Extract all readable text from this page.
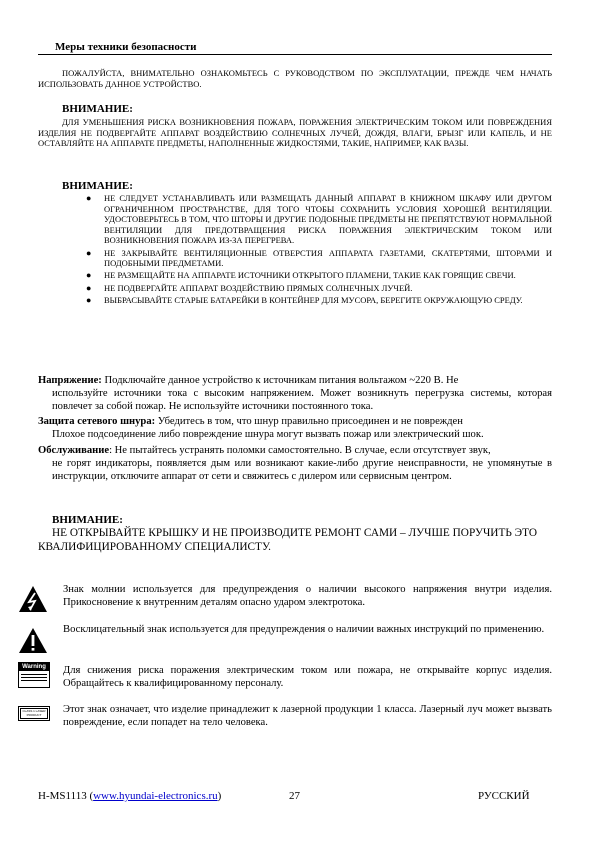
Меры техники безопасности
ПОЖАЛУЙСТА, ВНИМАТЕЛЬНО ОЗНАКОМЬТЕСЬ С РУКОВОДСТВОМ ПО ЭКСПЛУАТАЦИИ, ПРЕЖДЕ ЧЕМ НАЧАТЬ ИСПОЛЬЗОВАТЬ ДАННОЕ УСТРОЙСТВО.
ВНИМАНИЕ:
ДЛЯ УМЕНЬШЕНИЯ РИСКА ВОЗНИКНОВЕНИЯ ПОЖАРА, ПОРАЖЕНИЯ ЭЛЕКТРИЧЕСКИМ ТОКОМ ИЛИ ПОВРЕЖДЕНИЯ ИЗДЕЛИЯ НЕ ПОДВЕРГАЙТЕ АППАРАТ ВОЗДЕЙСТВИЮ СОЛНЕЧНЫХ ЛУЧЕЙ, ДОЖДЯ, ВЛАГИ, БРЫЗГ ИЛИ КАПЕЛЬ, И НЕ ОСТАВЛЯЙТЕ НА АППАРАТЕ ПРЕДМЕТЫ, НАПОЛНЕННЫЕ ЖИДКОСТЯМИ, ТАКИЕ, НАПРИМЕР, КАК ВАЗЫ.
ВНИМАНИЕ:
● НЕ СЛЕДУЕТ УСТАНАВЛИВАТЬ ИЛИ РАЗМЕЩАТЬ ДАННЫЙ АППАРАТ В КНИЖНОМ ШКАФУ ИЛИ ДРУГОМ ОГРАНИЧЕННОМ ПРОСТРАНСТВЕ, ДЛЯ ТОГО ЧТОБЫ СОХРАНИТЬ УСЛОВИЯ ХОРОШЕЙ ВЕНТИЛЯЦИИ. УДОСТОВЕРЬТЕСЬ В ТОМ, ЧТО ШТОРЫ И ДРУГИЕ ПОДОБНЫЕ ПРЕДМЕТЫ НЕ ПРЕПЯТСТВУЮТ НОРМАЛЬНОЙ ВЕНТИЛЯЦИИ ДЛЯ ПРЕДОТВРАЩЕНИЯ РИСКА ПОРАЖЕНИЯ ЭЛЕКТРИЧЕСКИМ ТОКОМ ИЛИ ВОЗНИКНОВЕНИЯ ПОЖАРА ИЗ-ЗА ПЕРЕГРЕВА.
● НЕ ЗАКРЫВАЙТЕ ВЕНТИЛЯЦИОННЫЕ ОТВЕРСТИЯ АППАРАТА ГАЗЕТАМИ, СКАТЕРТЯМИ, ШТОРАМИ И ПОДОБНЫМИ ПРЕДМЕТАМИ.
● НЕ РАЗМЕЩАЙТЕ НА АППАРАТЕ ИСТОЧНИКИ ОТКРЫТОГО ПЛАМЕНИ, ТАКИЕ КАК ГОРЯЩИЕ СВЕЧИ.
● НЕ ПОДВЕРГАЙТЕ АППАРАТ ВОЗДЕЙСТВИЮ ПРЯМЫХ СОЛНЕЧНЫХ ЛУЧЕЙ.
● ВЫБРАСЫВАЙТЕ СТАРЫЕ БАТАРЕЙКИ В КОНТЕЙНЕР ДЛЯ МУСОРА, БЕРЕГИТЕ ОКРУЖАЮЩУЮ СРЕДУ.
Напряжение: Подключайте данное устройство к источникам питания вольтажом ~220 В. Не
используйте источники тока с высоким напряжением. Может возникнуть перегрузка системы, которая повлечет за собой пожар. Не используйте источники постоянного тока.
Защита сетевого шнура: Убедитесь в том, что шнур правильно присоединен и не поврежден
Плохое подсоединение либо повреждение шнура могут вызвать пожар или электрический шок.
Обслуживание: Не пытайтесь устранять поломки самостоятельно. В случае, если отсутствует звук,
не горят индикаторы, появляется дым или возникают какие-либо другие неисправности, не упомянутые в инструкции, отключите аппарат от сети и свяжитесь с дилером или сервисным центром.
ВНИМАНИЕ:
НЕ ОТКРЫВАЙТЕ КРЫШКУ И НЕ ПРОИЗВОДИТЕ РЕМОНТ САМИ – ЛУЧШЕ ПОРУЧИТЬ ЭТО КВАЛИФИЦИРОВАННОМУ СПЕЦИАЛИСТУ.
Знак молнии используется для предупреждения о наличии высокого напряжения внутри изделия. Прикосновение к внутренним деталям опасно ударом электротока.
Восклицательный знак используется для предупреждения о наличии важных инструкций по применению.
Warning Для снижения риска поражения электрическим током или пожара, не открывайте корпус изделия. Обращайтесь к квалифицированному персоналу.
CLASS 1 LASER PRODUCT	Этот знак означает, что изделие принадлежит к лазерной продукции 1 класса. Лазерный луч может вызвать повреждение, если попадет на тело человека.
H-MS1113 (www.hyundai-electronics.ru)	27	РУССКИЙ
